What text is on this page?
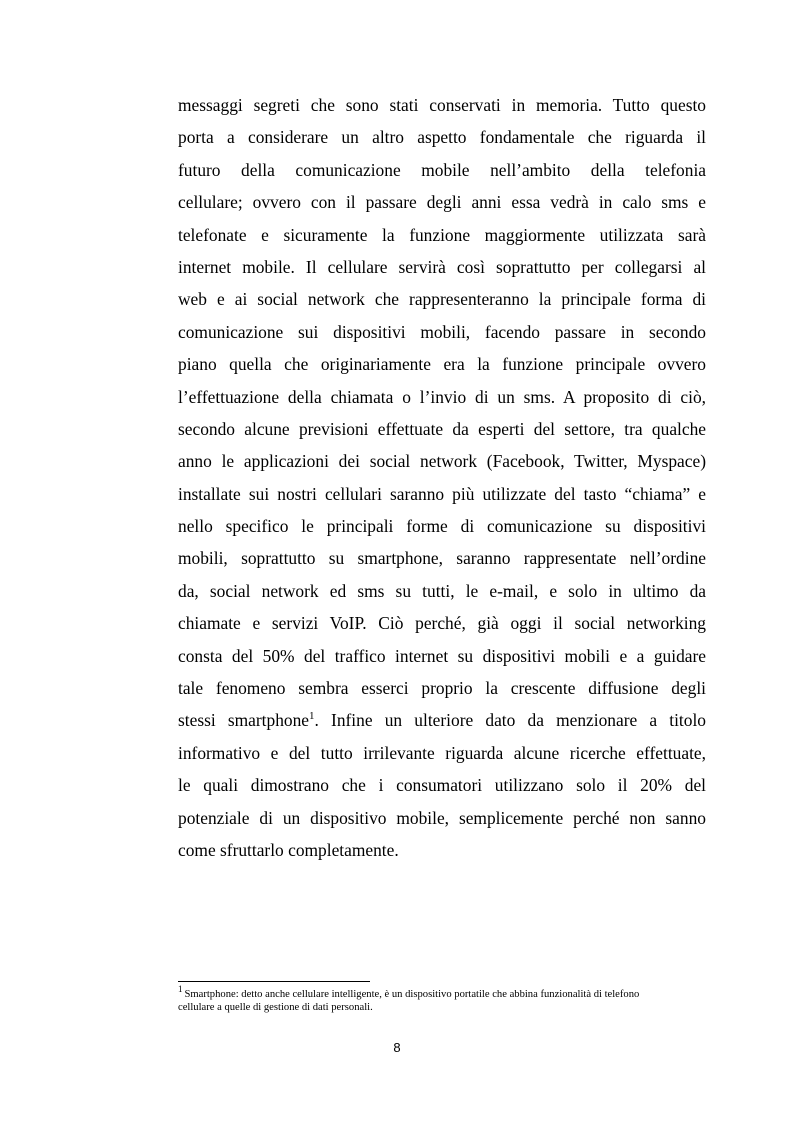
messaggi segreti che sono stati conservati in memoria. Tutto questo
porta a considerare un altro aspetto fondamentale che riguarda il
futuro della comunicazione mobile nell’ambito della telefonia
cellulare; ovvero con il passare degli anni essa vedrà in calo sms e
telefonate e sicuramente la funzione maggiormente utilizzata sarà
internet mobile. Il cellulare servirà così soprattutto per collegarsi al
web e ai social network che rappresenteranno la principale forma di
comunicazione sui dispositivi mobili, facendo passare in secondo
piano quella che originariamente era la funzione principale ovvero
l’effettuazione della chiamata o l’invio di un sms. A proposito di ciò,
secondo alcune previsioni effettuate da esperti del settore, tra qualche
anno le applicazioni dei social network (Facebook, Twitter, Myspace)
installate sui nostri cellulari saranno più utilizzate del tasto “chiama” e
nello specifico le principali forme di comunicazione su dispositivi
mobili, soprattutto su smartphone, saranno rappresentate nell’ordine
da, social network ed sms su tutti, le e-mail, e solo in ultimo da
chiamate e servizi VoIP. Ciò perché, già oggi il social networking
consta del 50% del traffico internet su dispositivi mobili e a guidare
tale fenomeno sembra esserci proprio la crescente diffusione degli
stessi smartphone$^1$. Infine un ulteriore dato da menzionare a titolo
informativo e del tutto irrilevante riguarda alcune ricerche effettuate,
le quali dimostrano che i consumatori utilizzano solo il 20% del
potenziale di un dispositivo mobile, semplicemente perché non sanno
come sfruttarlo completamente.
$^1$ Smartphone: detto anche cellulare intelligente, è un dispositivo portatile che abbina funzionalità di telefono
cellulare a quelle di gestione di dati personali.
8
